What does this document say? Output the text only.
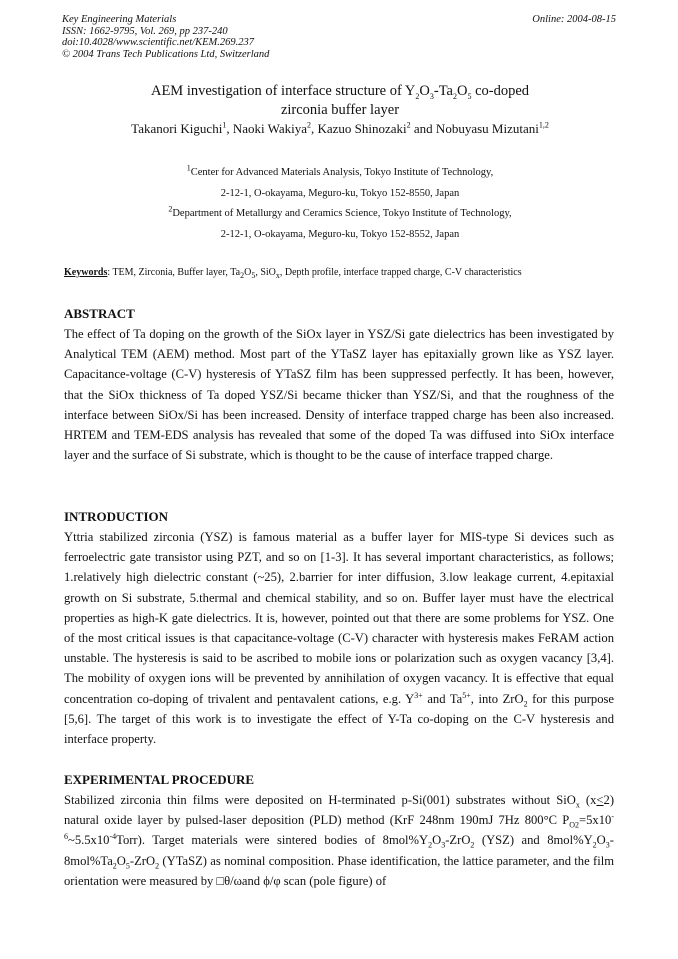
Key Engineering Materials
ISSN: 1662-9795, Vol. 269, pp 237-240
doi:10.4028/www.scientific.net/KEM.269.237
© 2004 Trans Tech Publications Ltd, Switzerland
Online: 2004-08-15
AEM investigation of interface structure of $Y_2O_3-Ta_2O_5$ co-doped
zirconia buffer layer
Takanori Kiguchi$^1$, Naoki Wakiya$^2$, Kazuo Shinozaki$^2$ and Nobuyasu Mizutani$^{1,2}$
$^1$Center for Advanced Materials Analysis, Tokyo Institute of Technology,
2-12-1, O-okayama, Meguro-ku, Tokyo 152-8550, Japan
$^2$Department of Metallurgy and Ceramics Science, Tokyo Institute of Technology,
2-12-1, O-okayama, Meguro-ku, Tokyo 152-8552, Japan
Keywords: TEM, Zirconia, Buffer layer, $Ta_2O_5$, SiO$_x$, Depth profile, interface trapped charge, C-V characteristics

ABSTRACT

The effect of Ta doping on the growth of the SiOx layer in YSZ/Si gate dielectrics has been investigated by Analytical TEM (AEM) method. Most part of the YTaSZ layer has epitaxially grown like as YSZ layer. Capacitance-voltage (C-V) hysteresis of YTaSZ film has been suppressed perfectly. It has been, however, that the SiOx thickness of Ta doped YSZ/Si became thicker than YSZ/Si, and that the roughness of the interface between SiOx/Si has been increased. Density of interface trapped charge has been also increased. HRTEM and TEM-EDS analysis has revealed that some of the doped Ta was diffused into SiOx interface layer and the surface of Si substrate, which is thought to be the cause of interface trapped charge.

INTRODUCTION

Yttria stabilized zirconia (YSZ) is famous material as a buffer layer for MIS-type Si devices such as ferroelectric gate transistor using PZT, and so on [1-3]. It has several important characteristics, as follows; 1.relatively high dielectric constant (~25), 2.barrier for inter diffusion, 3.low leakage current, 4.epitaxial growth on Si substrate, 5.thermal and chemical stability, and so on. Buffer layer must have the electrical properties as high-K gate dielectrics. It is, however, pointed out that there are some problems for YSZ. One of the most critical issues is that capacitance-voltage (C-V) character with hysteresis makes FeRAM action unstable. The hysteresis is said to be ascribed to mobile ions or polarization such as oxygen vacancy [3,4]. The mobility of oxygen ions will be prevented by annihilation of oxygen vacancy. It is effective that equal concentration co-doping of trivalent and pentavalent cations, e.g. $Y^{3+}$ and $Ta^{5+}$, into ZrO$_2$ for this purpose [5,6]. The target of this work is to investigate the effect of Y-Ta co-doping on the C-V hysteresis and interface property.

EXPERIMENTAL PROCEDURE

Stabilized zirconia thin films were deposited on H-terminated p-Si(001) substrates without SiO$_x$ (x<2) natural oxide layer by pulsed-laser deposition (PLD) method (KrF 248nm 190mJ 7Hz 800°C $P_{O2}=5x10^{-6}\sim 5.5x10^{-4}Torr$). Target materials were sintered bodies of $8mol\%Y_2O_3-ZrO_2$ (YSZ) and $8mol\%Y_2O_3-8mol\%Ta_2O_5-ZrO_2$ (YTaSZ) as nominal composition. Phase identification, the lattice parameter, and the film orientation were measured by □θ/ωand ϕ/φ scan (pole figure) of
